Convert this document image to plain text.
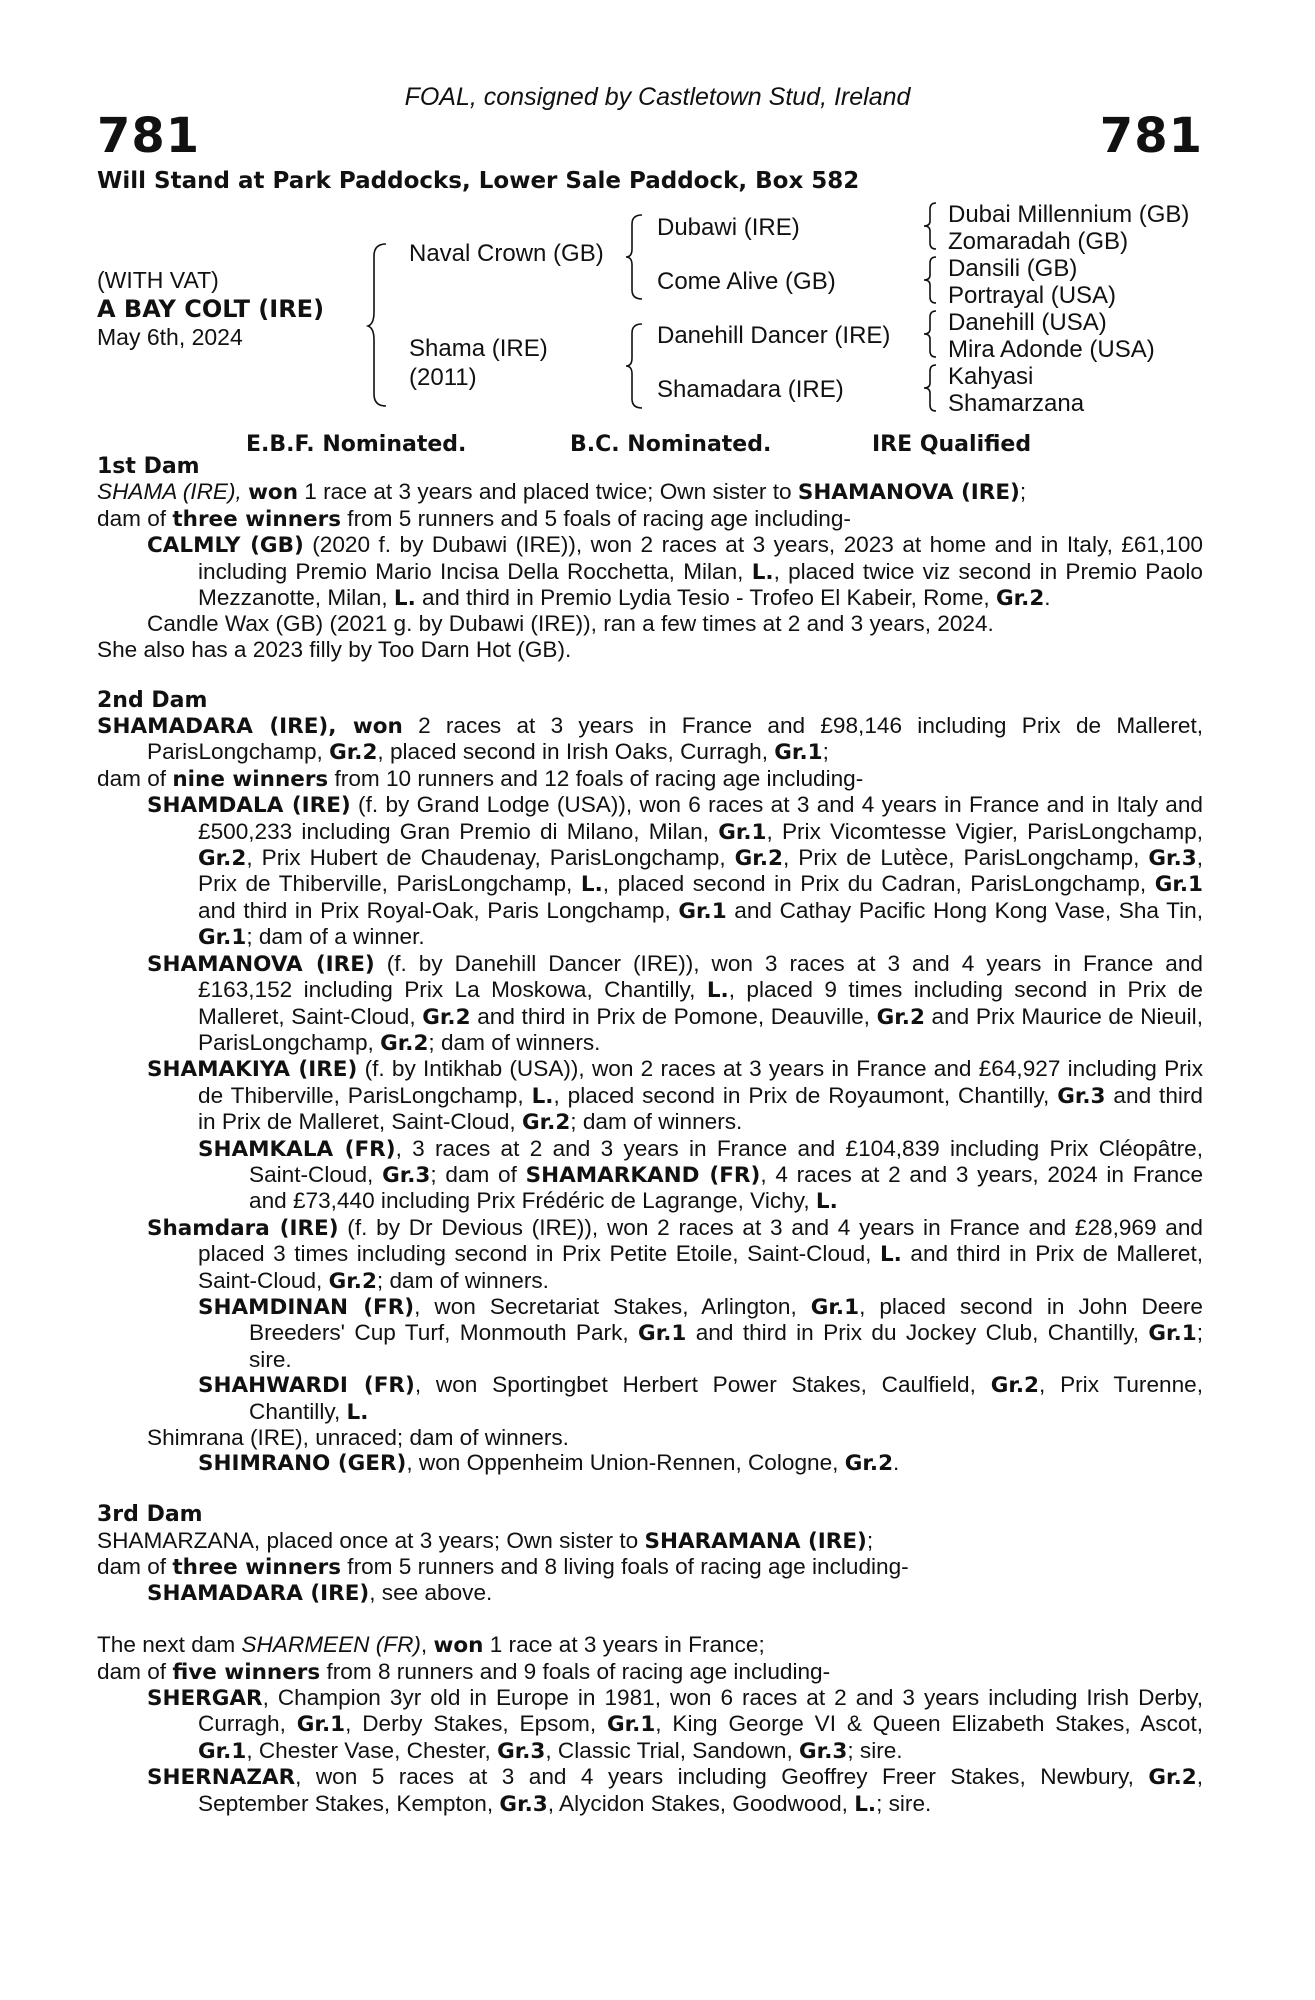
FOAL, consigned by Castletown Stud, Ireland
781	781
Will Stand at Park Paddocks, Lower Sale Paddock, Box 582
(WITH VAT)
A BAY COLT (IRE)
May 6th, 2024
Naval Crown (GB)
Shama (IRE)
(2011)
Dubawi (IRE)
Come Alive (GB)
Danehill Dancer (IRE)
Shamadara (IRE)
Dubai Millennium (GB)
Zomaradah (GB)
Dansili (GB)
Portrayal (USA)
Danehill (USA)
Mira Adonde (USA)
Kahyasi
Shamarzana
E.B.F. Nominated.	B.C. Nominated.	IRE Qualified
1st Dam

SHAMA (IRE), won 1 race at 3 years and placed twice; Own sister to SHAMANOVA (IRE);

dam of three winners from 5 runners and 5 foals of racing age including-

CALMLY (GB) (2020 f. by Dubawi (IRE)), won 2 races at 3 years, 2023 at home and in Italy, £61,100 including Premio Mario Incisa Della Rocchetta, Milan, L., placed twice viz second in Premio Paolo Mezzanotte, Milan, L. and third in Premio Lydia Tesio - Trofeo El Kabeir, Rome, Gr.2.

Candle Wax (GB) (2021 g. by Dubawi (IRE)), ran a few times at 2 and 3 years, 2024.

She also has a 2023 filly by Too Darn Hot (GB).

2nd Dam

SHAMADARA (IRE), won 2 races at 3 years in France and £98,146 including Prix de Malleret, ParisLongchamp, Gr.2, placed second in Irish Oaks, Curragh, Gr.1;

dam of nine winners from 10 runners and 12 foals of racing age including-

SHAMDALA (IRE) (f. by Grand Lodge (USA)), won 6 races at 3 and 4 years in France and in Italy and £500,233 including Gran Premio di Milano, Milan, Gr.1, Prix Vicomtesse Vigier, ParisLongchamp, Gr.2, Prix Hubert de Chaudenay, ParisLongchamp, Gr.2, Prix de Lutèce, ParisLongchamp, Gr.3, Prix de Thiberville, ParisLongchamp, L., placed second in Prix du Cadran, ParisLongchamp, Gr.1 and third in Prix Royal-Oak, Paris Longchamp, Gr.1 and Cathay Pacific Hong Kong Vase, Sha Tin, Gr.1; dam of a winner.

SHAMANOVA (IRE) (f. by Danehill Dancer (IRE)), won 3 races at 3 and 4 years in France and £163,152 including Prix La Moskowa, Chantilly, L., placed 9 times including second in Prix de Malleret, Saint-Cloud, Gr.2 and third in Prix de Pomone, Deauville, Gr.2 and Prix Maurice de Nieuil, ParisLongchamp, Gr.2; dam of winners.

SHAMAKIYA (IRE) (f. by Intikhab (USA)), won 2 races at 3 years in France and £64,927 including Prix de Thiberville, ParisLongchamp, L., placed second in Prix de Royaumont, Chantilly, Gr.3 and third in Prix de Malleret, Saint-Cloud, Gr.2; dam of winners.

SHAMKALA (FR), 3 races at 2 and 3 years in France and £104,839 including Prix Cléopâtre, Saint-Cloud, Gr.3; dam of SHAMARKAND (FR), 4 races at 2 and 3 years, 2024 in France and £73,440 including Prix Frédéric de Lagrange, Vichy, L.

Shamdara (IRE) (f. by Dr Devious (IRE)), won 2 races at 3 and 4 years in France and £28,969 and placed 3 times including second in Prix Petite Etoile, Saint-Cloud, L. and third in Prix de Malleret, Saint-Cloud, Gr.2; dam of winners.

SHAMDINAN (FR), won Secretariat Stakes, Arlington, Gr.1, placed second in John Deere Breeders' Cup Turf, Monmouth Park, Gr.1 and third in Prix du Jockey Club, Chantilly, Gr.1; sire.

SHAHWARDI (FR), won Sportingbet Herbert Power Stakes, Caulfield, Gr.2, Prix Turenne, Chantilly, L.

Shimrana (IRE), unraced; dam of winners.

SHIMRANO (GER), won Oppenheim Union-Rennen, Cologne, Gr.2.

3rd Dam

SHAMARZANA, placed once at 3 years; Own sister to SHARAMANA (IRE);

dam of three winners from 5 runners and 8 living foals of racing age including-

SHAMADARA (IRE), see above.

The next dam SHARMEEN (FR), won 1 race at 3 years in France;

dam of five winners from 8 runners and 9 foals of racing age including-

SHERGAR, Champion 3yr old in Europe in 1981, won 6 races at 2 and 3 years including Irish Derby, Curragh, Gr.1, Derby Stakes, Epsom, Gr.1, King George VI & Queen Elizabeth Stakes, Ascot, Gr.1, Chester Vase, Chester, Gr.3, Classic Trial, Sandown, Gr.3; sire.

SHERNAZAR, won 5 races at 3 and 4 years including Geoffrey Freer Stakes, Newbury, Gr.2, September Stakes, Kempton, Gr.3, Alycidon Stakes, Goodwood, L.; sire.
